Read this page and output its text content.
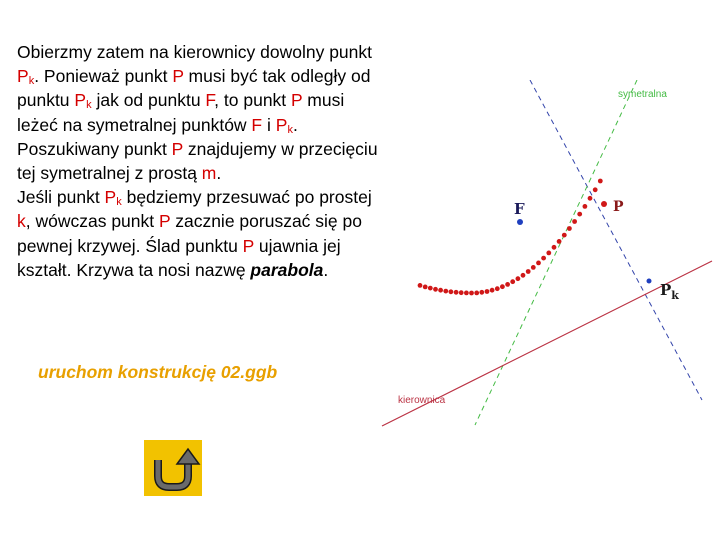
Obierzmy zatem na kierownicy dowolny punkt $P_k$. Ponieważ punkt P musi być tak odległy od punktu $P_k$ jak od punktu F, to punkt P musi leżeć na symetralnej punktów F i $P_k$. Poszukiwany punkt P znajdujemy w przecięciu tej symetralnej z prostą m.

Jeśli punkt $P_k$ będziemy przesuwać po prostej k, wówczas punkt P zacznie poruszać się po pewnej krzywej. Ślad punktu P ujawnia jej kształt. Krzywa ta nosi nazwę parabola.

uruchom konstrukcję 02.ggb
F	P
$P_k$
symetralna
kierownica
